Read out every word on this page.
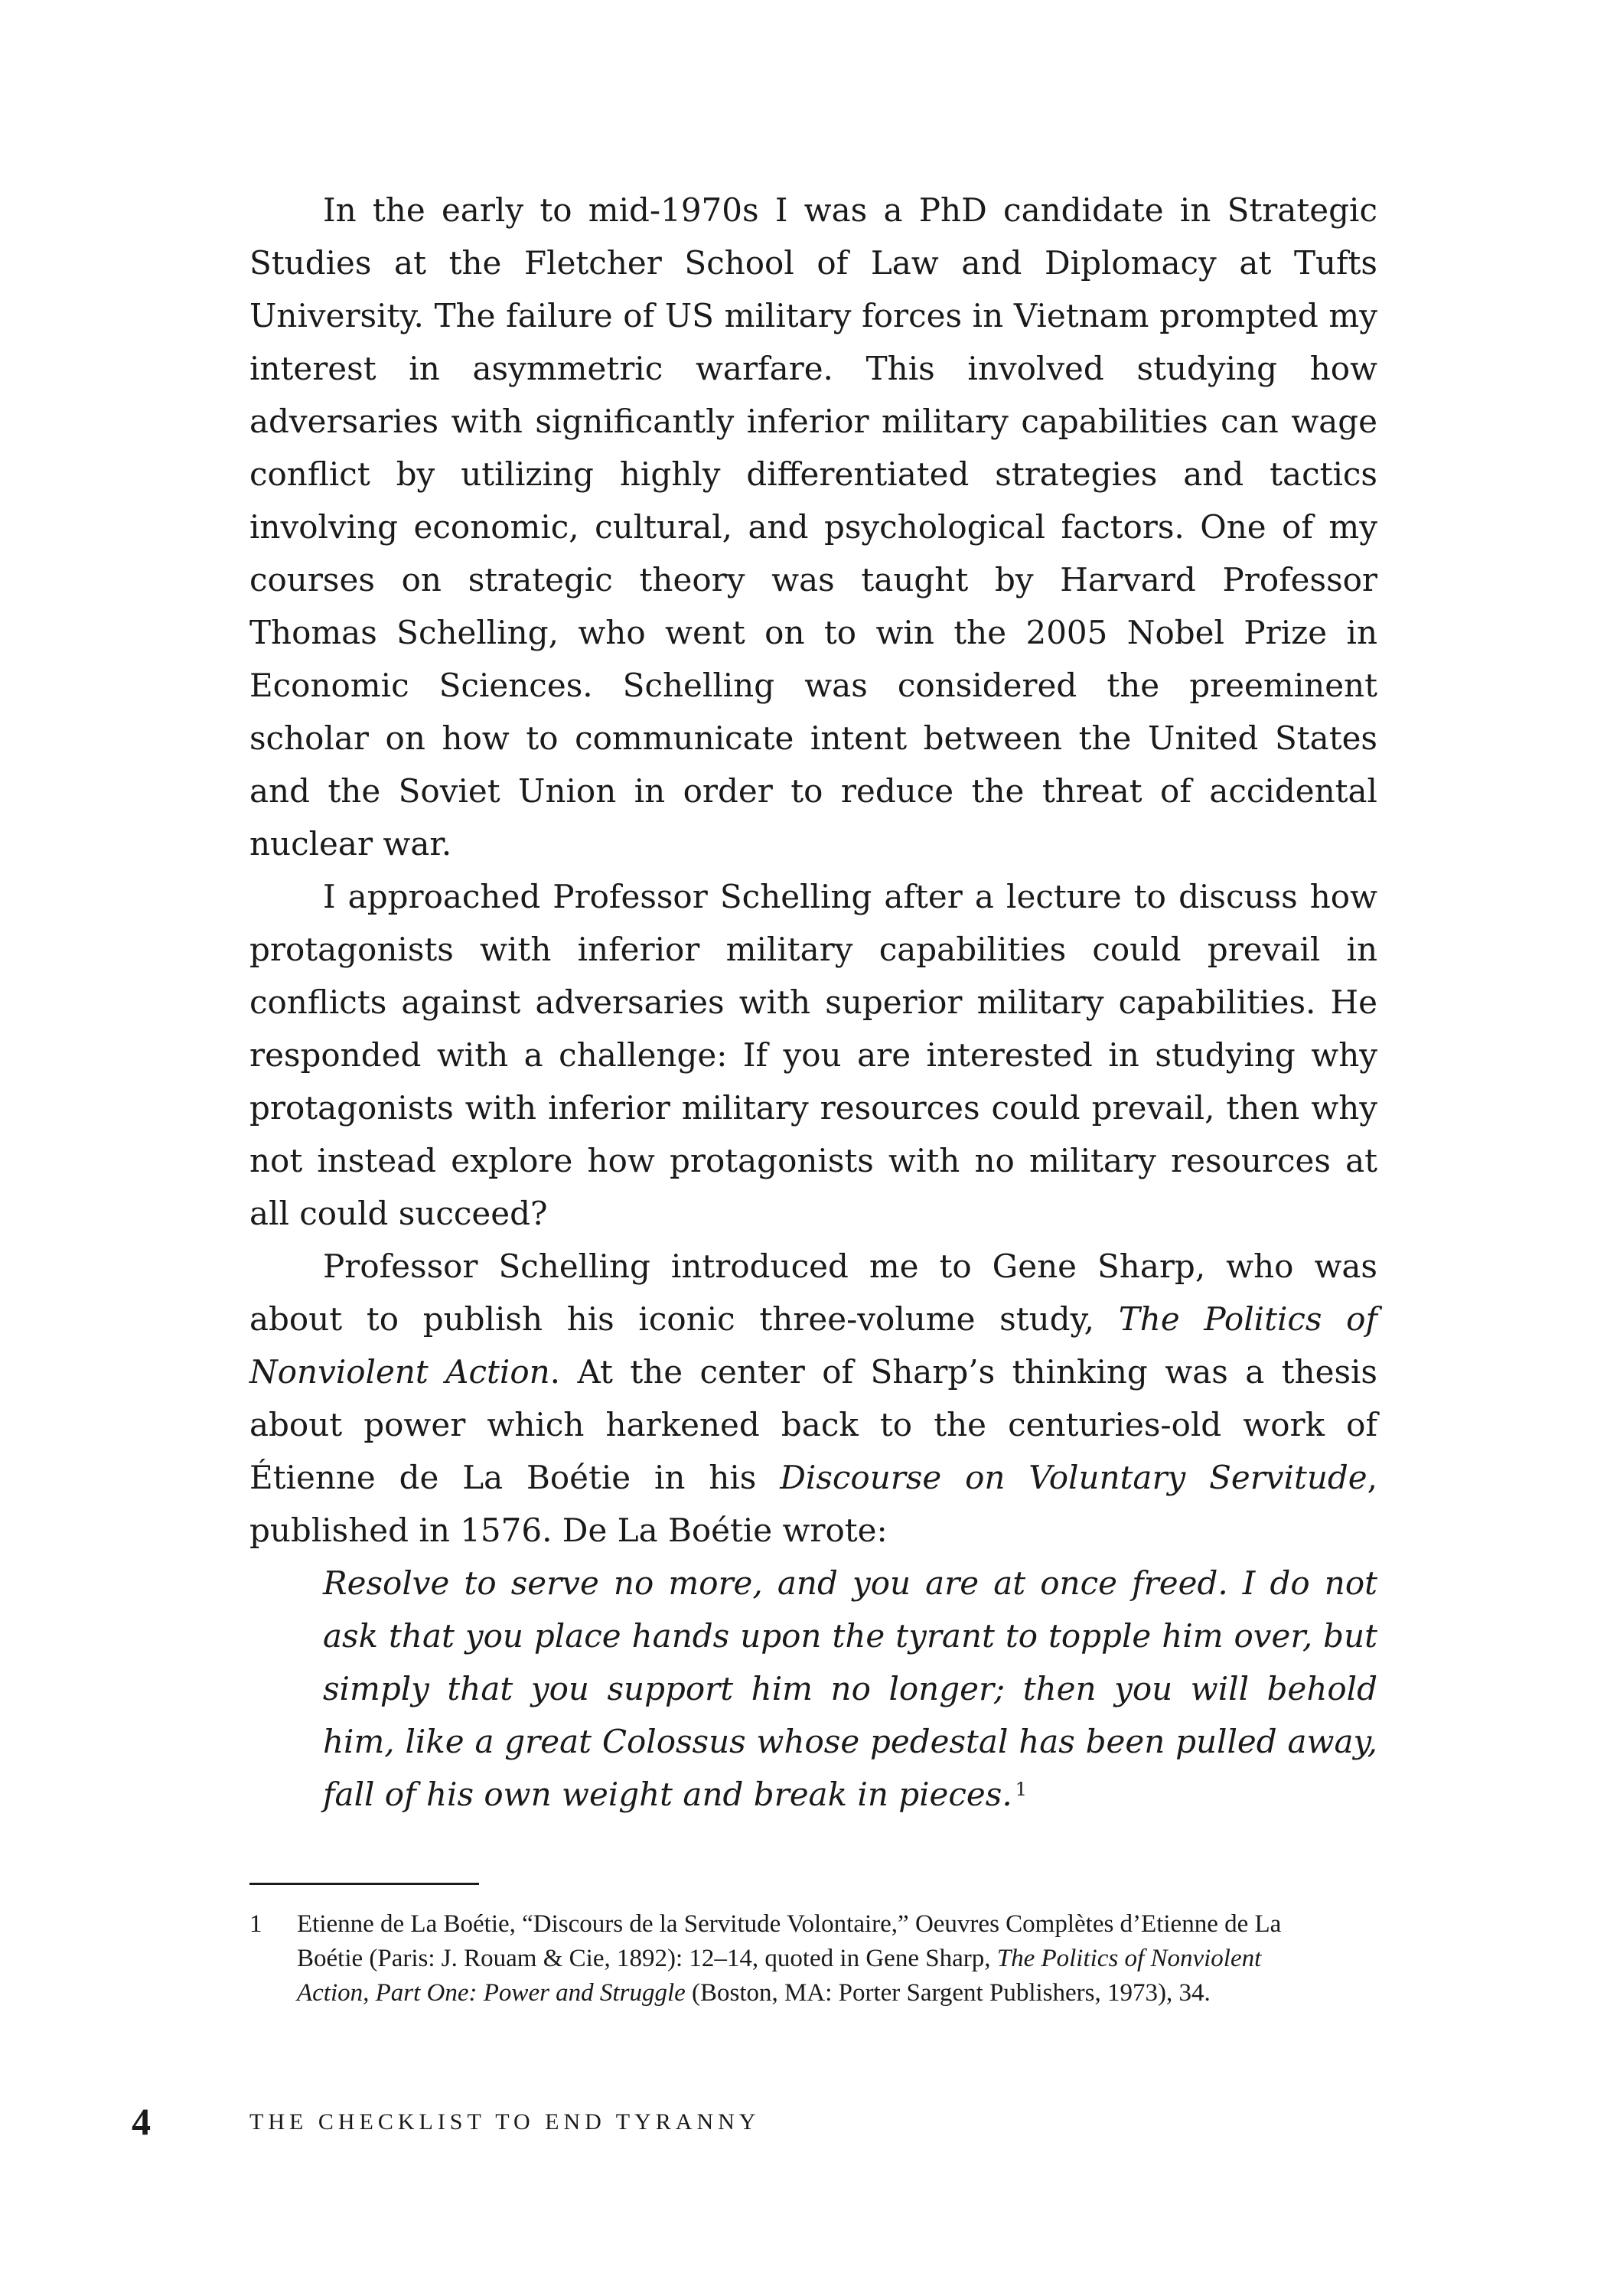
In the early to mid-1970s I was a PhD candidate in Strategic Studies at the Fletcher School of Law and Diplomacy at Tufts University. The failure of US military forces in Vietnam prompted my interest in asymmetric warfare. This involved studying how adversaries with significantly inferior military capabilities can wage conflict by utilizing highly differentiated strategies and tactics involving economic, cultural, and psychological factors. One of my courses on strategic theory was taught by Harvard Professor Thomas Schelling, who went on to win the 2005 Nobel Prize in Economic Sciences. Schelling was considered the preeminent scholar on how to communicate intent between the United States and the Soviet Union in order to reduce the threat of accidental nuclear war.

I approached Professor Schelling after a lecture to discuss how protagonists with inferior military capabilities could prevail in conflicts against adversaries with superior military capabilities. He responded with a challenge: If you are interested in studying why protagonists with inferior military resources could prevail, then why not instead explore how protagonists with no military resources at all could succeed?

Professor Schelling introduced me to Gene Sharp, who was about to publish his iconic three-volume study, The Politics of Nonviolent Action. At the center of Sharp’s thinking was a thesis about power which harkened back to the centuries-old work of Étienne de La Boétie in his Discourse on Voluntary Servitude, published in 1576. De La Boétie wrote:

Resolve to serve no more, and you are at once freed. I do not ask that you place hands upon the tyrant to topple him over, but simply that you support him no longer; then you will behold him, like a great Colossus whose pedestal has been pulled away, fall of his own weight and break in pieces. $^1$

1	Etienne de La Boétie, “Discours de la Servitude Volontaire,” Oeuvres Complètes d’Etienne de La Boétie (Paris: J. Rouam & Cie, 1892): 12–14, quoted in Gene Sharp, The Politics of Nonviolent Action, Part One: Power and Struggle (Boston, MA: Porter Sargent Publishers, 1973), 34.
4	THE CHECKLIST TO END TYRANNY
